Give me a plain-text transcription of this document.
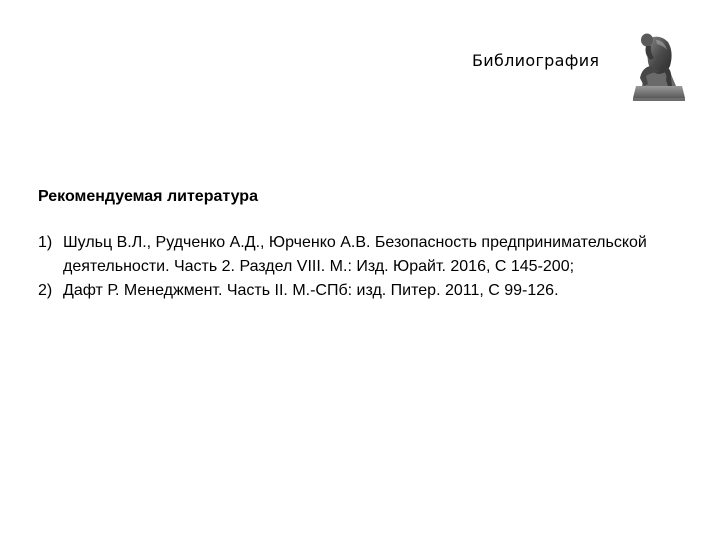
Библиография
Рекомендуемая литература
1) Шульц В.Л., Рудченко А.Д., Юрченко А.В. Безопасность предпринимательской деятельности. Часть 2. Раздел VIII. М.: Изд. Юрайт. 2016, С 145-200;
2) Дафт Р. Менеджмент. Часть II. М.-СПб: изд. Питер. 2011, С 99-126.
